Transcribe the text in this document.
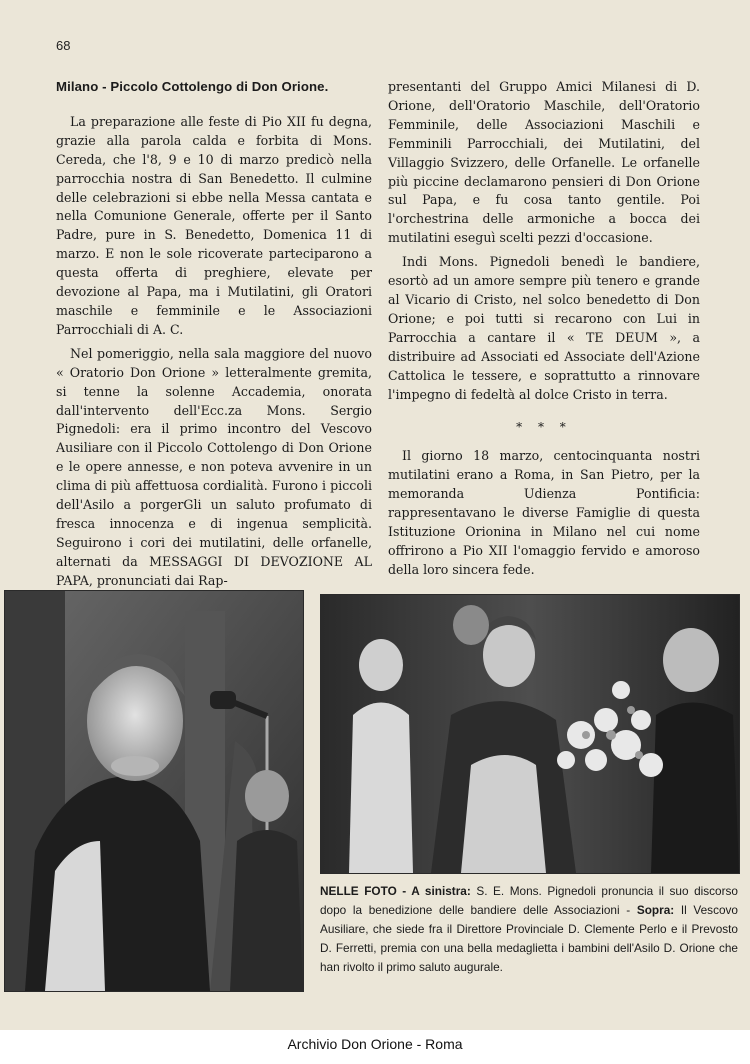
68
Milano - Piccolo Cottolengo di Don Orione.

La preparazione alle feste di Pio XII fu degna, grazie alla parola calda e forbita di Mons. Cereda, che l'8, 9 e 10 di marzo predicò nella parrocchia nostra di San Benedetto. Il culmine delle celebrazioni si ebbe nella Messa cantata e nella Comunione Generale, offerte per il Santo Padre, pure in S. Benedetto, Domenica 11 di marzo. E non le sole ricoverate parteciparono a questa offerta di preghiere, elevate per devozione al Papa, ma i Mutilatini, gli Oratori maschile e femminile e le Associazioni Parrocchiali di A. C.

Nel pomeriggio, nella sala maggiore del nuovo « Oratorio Don Orione » letteralmente gremita, si tenne la solenne Accademia, onorata dall'intervento dell'Ecc.za Mons. Sergio Pignedoli: era il primo incontro del Vescovo Ausiliare con il Piccolo Cottolengo di Don Orione e le opere annesse, e non poteva avvenire in un clima di più affettuosa cordialità. Furono i piccoli dell'Asilo a porgerGli un saluto profumato di fresca innocenza e di ingenua semplicità. Seguirono i cori dei mutilatini, delle orfanelle, alternati da MESSAGGI DI DEVOZIONE AL PAPA, pronunciati dai Rap-

presentanti del Gruppo Amici Milanesi di D. Orione, dell'Oratorio Maschile, dell'Oratorio Femminile, delle Associazioni Maschili e Femminili Parrocchiali, dei Mutilatini, del Villaggio Svizzero, delle Orfanelle. Le orfanelle più piccine declamarono pensieri di Don Orione sul Papa, e fu cosa tanto gentile. Poi l'orchestrina delle armoniche a bocca dei mutilatini eseguì scelti pezzi d'occasione.

Indi Mons. Pignedoli benedì le bandiere, esortò ad un amore sempre più tenero e grande al Vicario di Cristo, nel solco benedetto di Don Orione; e poi tutti si recarono con Lui in Parrocchia a cantare il « TE DEUM », a distribuire ad Associati ed Associate dell'Azione Cattolica le tessere, e soprattutto a rinnovare l'impegno di fedeltà al dolce Cristo in terra.

* * *

Il giorno 18 marzo, centocinquanta nostri mutilatini erano a Roma, in San Pietro, per la memoranda Udienza Pontificia: rappresentavano le diverse Famiglie di questa Istituzione Orionina in Milano nel cui nome offrirono a Pio XII l'omaggio fervido e amoroso della loro sincera fede.

NELLE FOTO - A sinistra: S. E. Mons. Pignedoli pronuncia il suo discorso dopo la benedizione delle bandiere delle Associazioni - Sopra: Il Vescovo Ausiliare, che siede fra il Direttore Provinciale D. Clemente Perlo e il Prevosto D. Ferretti, premia con una bella medaglietta i bambini dell'Asilo D. Orione che han rivolto il primo saluto augurale.
Archivio Don Orione - Roma
